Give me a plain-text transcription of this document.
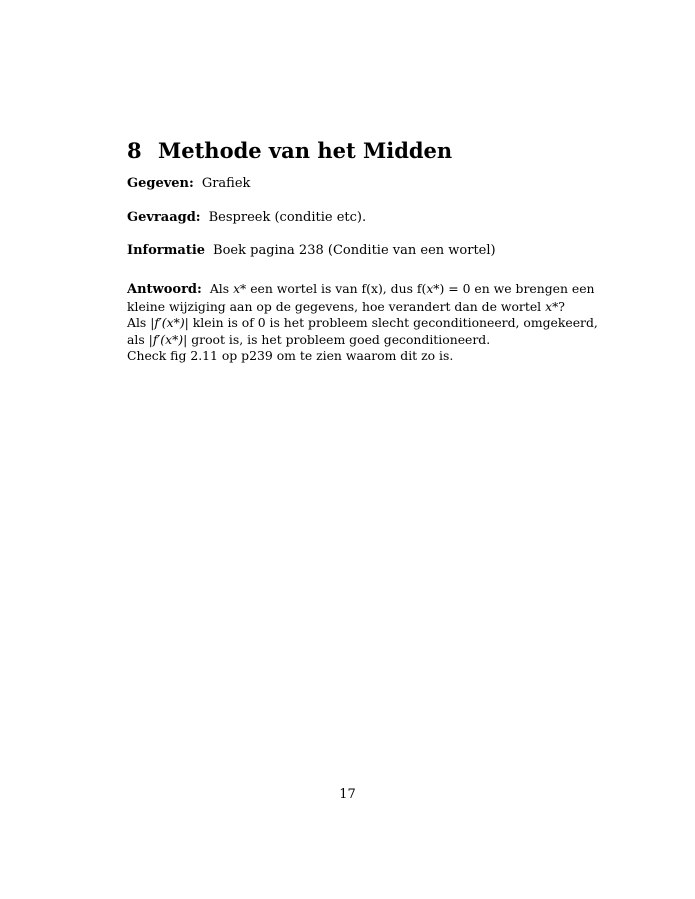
8 Methode van het Midden
Gegeven: Grafiek
Gevraagd: Bespreek (conditie etc).
Informatie Boek pagina 238 (Conditie van een wortel)
Antwoord: Als x* een wortel is van f(x), dus f(x*) = 0 en we brengen een
kleine wijziging aan op de gegevens, hoe verandert dan de wortel x*?
Als |f′(x*)| klein is of 0 is het probleem slecht geconditioneerd, omgekeerd,
als |f′(x*)| groot is, is het probleem goed geconditioneerd.
Check fig 2.11 op p239 om te zien waarom dit zo is.
17
